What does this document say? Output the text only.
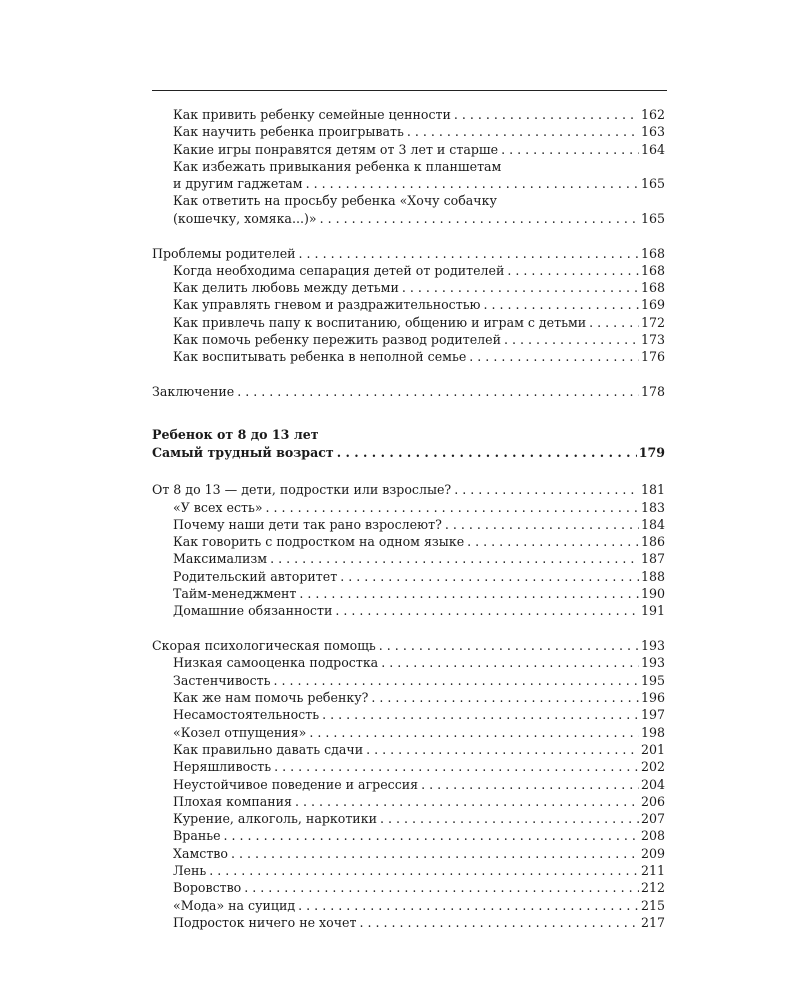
Как привить ребенку семейные ценности . . .	162
Как научить ребенка проигрывать . . .	163
Какие игры понравятся детям от 3 лет и старше . . .	164
Как избежать привыкания ребенка к планшетам
и другим гаджетам . . .	165
Как ответить на просьбу ребенка «Хочу собачку
(кошечку, хомяка...)» . . .	165
Проблемы родителей . . .	168
Когда необходима сепарация детей от родителей . . .	168
Как делить любовь между детьми . . .	168
Как управлять гневом и раздражительностью . . .	169
Как привлечь папу к воспитанию, общению и играм с детьми . . .	172
Как помочь ребенку пережить развод родителей . . .	173
Как воспитывать ребенка в неполной семье . . .	176
Заключение . . .	178
Ребенок от 8 до 13 лет
Самый трудный возраст . . .	179
От 8 до 13 — дети, подростки или взрослые? . . .	181
«У всех есть» . . .	183
Почему наши дети так рано взрослеют? . . .	184
Как говорить с подростком на одном языке . . .	186
Максимализм . . .	187
Родительский авторитет . . .	188
Тайм-менеджмент . . .	190
Домашние обязанности . . .	191
Скорая психологическая помощь . . .	193
Низкая самооценка подростка . . .	193
Застенчивость . . .	195
Как же нам помочь ребенку? . . .	196
Несамостоятельность . . .	197
«Козел отпущения» . . .	198
Как правильно давать сдачи . . .	201
Неряшливость . . .	202
Неустойчивое поведение и агрессия . . .	204
Плохая компания . . .	206
Курение, алкоголь, наркотики . . .	207
Вранье . . .	208
Хамство . . .	209
Лень . . .	211
Воровство . . .	212
«Мода» на суицид . . .	215
Подросток ничего не хочет . . .	217
